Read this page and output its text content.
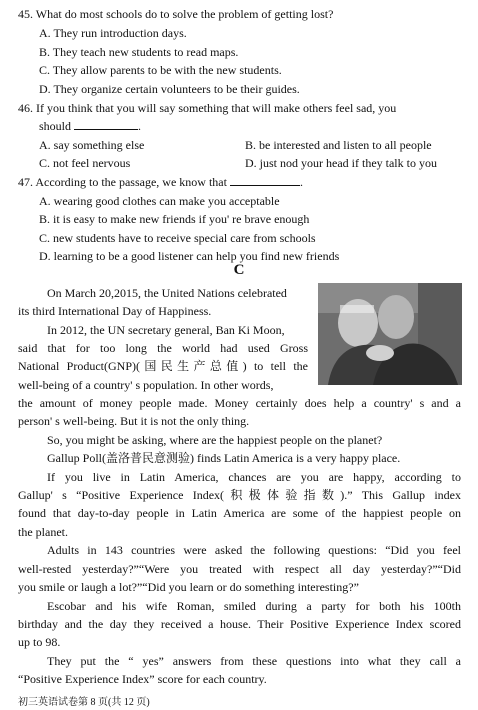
45. What do most schools do to solve the problem of getting lost?
A. They run introduction days.
B. They teach new students to read maps.
C. They allow parents to be with the new students.
D. They organize certain volunteers to be their guides.
46. If you think that you will say something that will make others feel sad, you
should	.
A. say something else	B. be interested and listen to all people
C. not feel nervous	D. just nod your head if they talk to you
47. According to the passage, we know that	.
A. wearing good clothes can make you acceptable
B. it is easy to make new friends if you' re brave enough
C. new students have to receive special care from schools
D. learning to be a good listener can help you find new friends
C
On March 20,2015, the United Nations celebrated
its third International Day of Happiness.
In 2012, the UN secretary general, Ban Ki Moon,
said that for too long the world had used Gross
National Product(GNP)(国民生产总值) to tell the
well-being of a country' s population. In other words,
the amount of money people made. Money certainly does help a country' s and a
person' s well-being. But it is not the only thing.
So, you might be asking, where are the happiest people on the planet?
Gallup Poll(盖洛普民意测验) finds Latin America is a very happy place.
If you live in Latin America, chances are you are happy, according to
Gallup' s “Positive Experience Index(积极体验指数).” This Gallup index
found that day-to-day people in Latin America are some of the happiest people on
the planet.
Adults in 143 countries were asked the following questions: “Did you feel
well-rested yesterday?”“Were you treated with respect all day yesterday?”“Did
you smile or laugh a lot?”“Did you learn or do something interesting?”
Escobar and his wife Roman, smiled during a party for both his 100th
birthday and the day they received a house. Their Positive Experience Index scored
up to 98.
They put the “ yes” answers from these questions into what they call a
“Positive Experience Index” score for each country.
初三英语试卷第 8 页(共 12 页)
